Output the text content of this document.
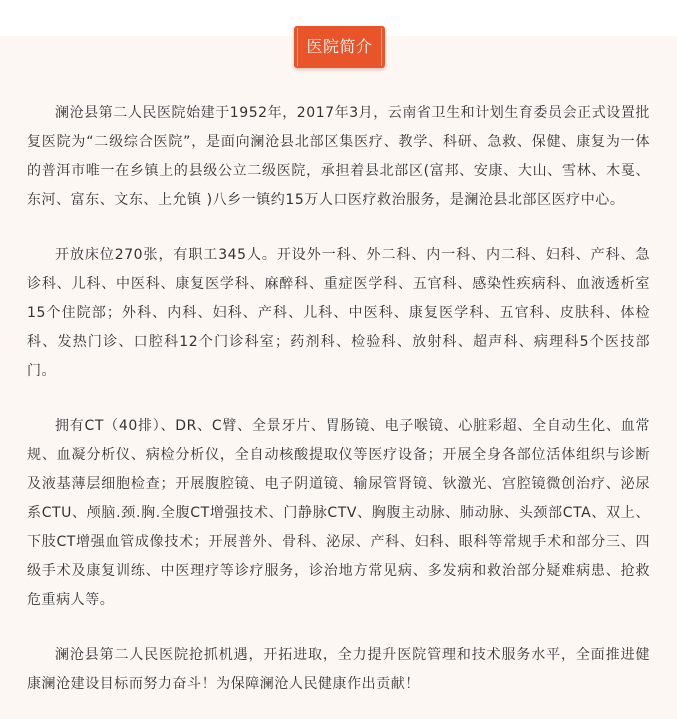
医院简介

澜沧县第二人民医院始建于1952年，2017年3月，云南省卫生和计划生育委员会正式设置批复医院为“二级综合医院”，是面向澜沧县北部区集医疗、教学、科研、急救、保健、康复为一体的普洱市唯一在乡镇上的县级公立二级医院，承担着县北部区(富邦、安康、大山、雪林、木戛、东河、富东、文东、上允镇 )八乡一镇约15万人口医疗救治服务，是澜沧县北部区医疗中心。

开放床位270张，有职工345人。开设外一科、外二科、内一科、内二科、妇科、产科、急诊科、儿科、中医科、康复医学科、麻醉科、重症医学科、五官科、感染性疾病科、血液透析室15个住院部；外科、内科、妇科、产科、儿科、中医科、康复医学科、五官科、皮肤科、体检科、发热门诊、口腔科12个门诊科室；药剂科、检验科、放射科、超声科、病理科5个医技部门。

拥有CT（40排）、DR、C臂、全景牙片、胃肠镜、电子喉镜、心脏彩超、全自动生化、血常规、血凝分析仪、病检分析仪，全自动核酸提取仪等医疗设备；开展全身各部位活体组织与诊断及液基薄层细胞检查；开展腹腔镜、电子阴道镜、输尿管肾镜、钬激光、宫腔镜微创治疗、泌尿系CTU、颅脑.颈.胸.全腹CT增强技术、门静脉CTV、胸腹主动脉、肺动脉、头颈部CTA、双上、下肢CT增强血管成像技术；开展普外、骨科、泌尿、产科、妇科、眼科等常规手术和部分三、四级手术及康复训练、中医理疗等诊疗服务，诊治地方常见病、多发病和救治部分疑难病患、抢救危重病人等。

澜沧县第二人民医院抢抓机遇，开拓进取，全力提升医院管理和技术服务水平，全面推进健康澜沧建设目标而努力奋斗！为保障澜沧人民健康作出贡献！
